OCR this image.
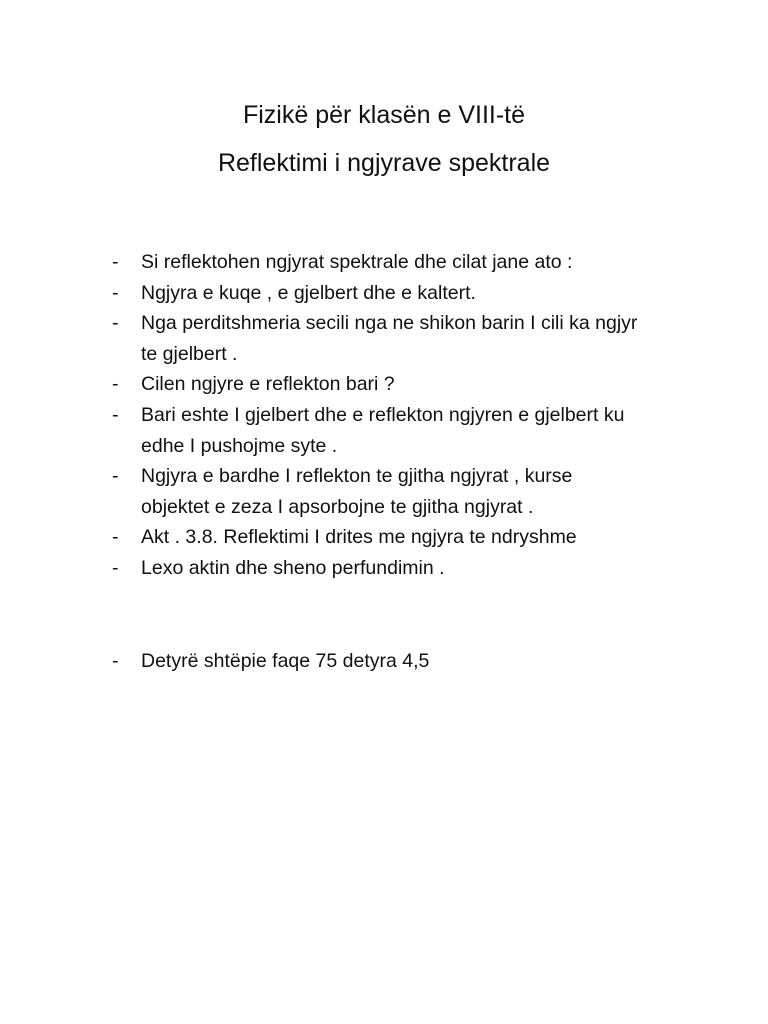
Fizikë për klasën e VIII-të
Reflektimi i ngjyrave spektrale
- Si reflektohen ngjyrat spektrale dhe cilat jane ato :
- Ngjyra e kuqe , e gjelbert dhe e kaltert.
- Nga perditshmeria secili nga ne shikon barin I cili ka ngjyr
te gjelbert .
- Cilen ngjyre e reflekton bari ?
- Bari eshte I gjelbert dhe e reflekton ngjyren e gjelbert ku
edhe I pushojme syte .
- Ngjyra e bardhe I reflekton te gjitha ngjyrat , kurse
objektet e zeza I apsorbojne te gjitha ngjyrat .
- Akt . 3.8. Reflektimi I drites me ngjyra te ndryshme
- Lexo aktin dhe sheno perfundimin .
- Detyrë shtëpie faqe 75 detyra 4,5
